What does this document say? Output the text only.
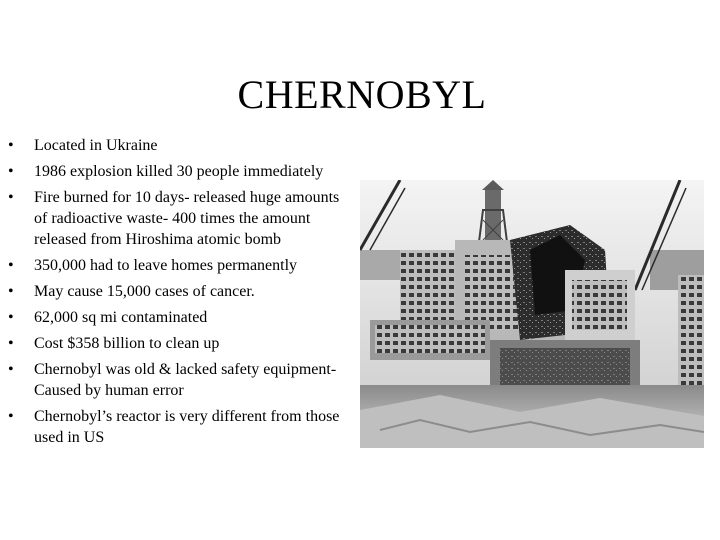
CHERNOBYL
• Located in Ukraine
• 1986 explosion killed 30 people immediately
• Fire burned for 10 days- released huge amounts of radioactive waste- 400 times the amount released from Hiroshima atomic bomb
• 350,000 had to leave homes permanently
• May cause 15,000 cases of cancer.
• 62,000 sq mi contaminated
• Cost $358 billion to clean up
• Chernobyl was old & lacked safety equipment- Caused by human error
• Chernobyl’s reactor is very different from those used in US
